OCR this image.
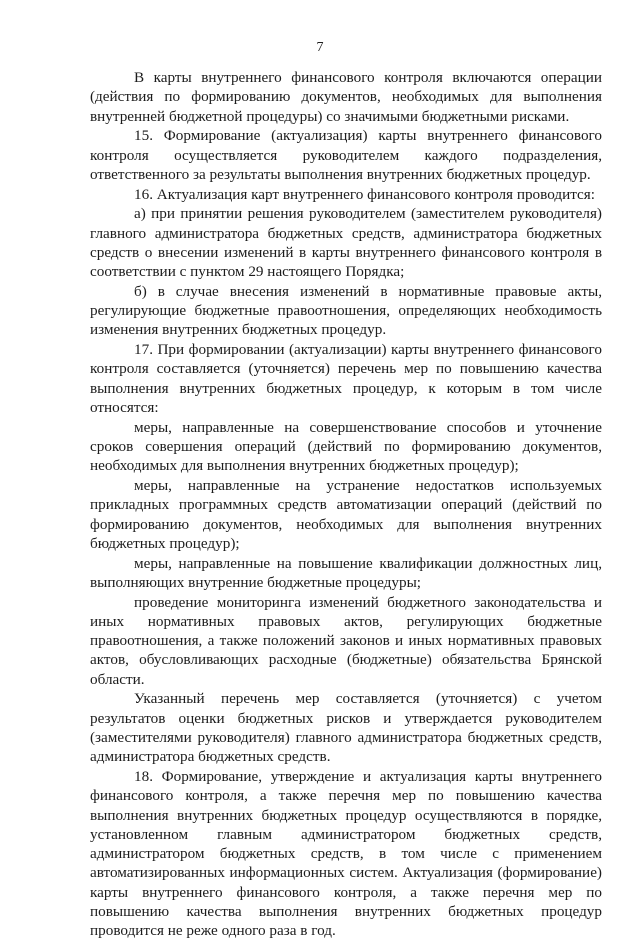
7

В карты внутреннего финансового контроля включаются операции (действия по формированию документов, необходимых для выполнения внутренней бюджетной процедуры) со значимыми бюджетными рисками.

15. Формирование (актуализация) карты внутреннего финансового контроля осуществляется руководителем каждого подразделения, ответственного за результаты выполнения внутренних бюджетных процедур.

16. Актуализация карт внутреннего финансового контроля проводится:

а) при принятии решения руководителем (заместителем руководителя) главного администратора бюджетных средств, администратора бюджетных средств о внесении изменений в карты внутреннего финансового контроля в соответствии с пунктом 29 настоящего Порядка;

б) в случае внесения изменений в нормативные правовые акты, регулирующие бюджетные правоотношения, определяющих необходимость изменения внутренних бюджетных процедур.

17. При формировании (актуализации) карты внутреннего финансового контроля составляется (уточняется) перечень мер по повышению качества выполнения внутренних бюджетных процедур, к которым в том числе относятся:

меры, направленные на совершенствование способов и уточнение сроков совершения операций (действий по формированию документов, необходимых для выполнения внутренних бюджетных процедур);

меры, направленные на устранение недостатков используемых прикладных программных средств автоматизации операций (действий по формированию документов, необходимых для выполнения внутренних бюджетных процедур);

меры, направленные на повышение квалификации должностных лиц, выполняющих внутренние бюджетные процедуры;

проведение мониторинга изменений бюджетного законодательства и иных нормативных правовых актов, регулирующих бюджетные правоотношения, а также положений законов и иных нормативных правовых актов, обусловливающих расходные (бюджетные) обязательства Брянской области.

Указанный перечень мер составляется (уточняется) с учетом результатов оценки бюджетных рисков и утверждается руководителем (заместителями руководителя) главного администратора бюджетных средств, администратора бюджетных средств.

18. Формирование, утверждение и актуализация карты внутреннего финансового контроля, а также перечня мер по повышению качества выполнения внутренних бюджетных процедур осуществляются в порядке, установленном главным администратором бюджетных средств, администратором бюджетных средств, в том числе с применением автоматизированных информационных систем. Актуализация (формирование) карты внутреннего финансового контроля, а также перечня мер по повышению качества выполнения внутренних бюджетных процедур проводится не реже одного раза в год.
